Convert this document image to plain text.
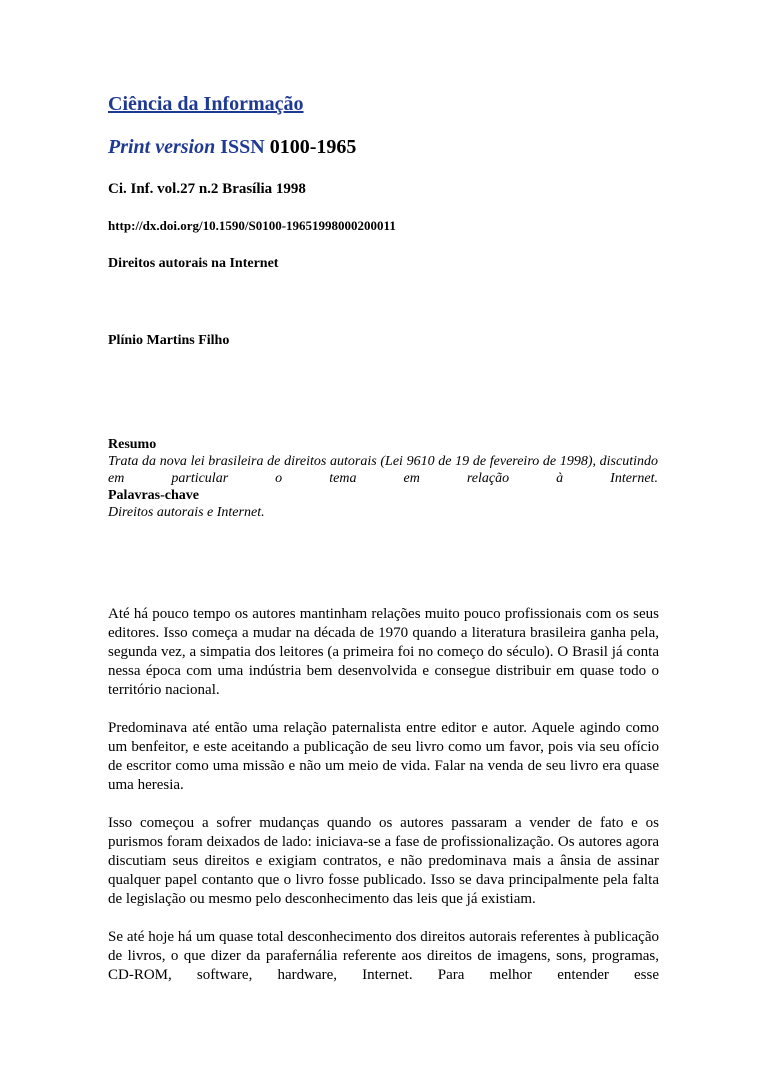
Ciência da Informação
Print version ISSN 0100-1965
Ci. Inf. vol.27 n.2 Brasília 1998
http://dx.doi.org/10.1590/S0100-19651998000200011
Direitos autorais na Internet
Plínio Martins Filho
Resumo
Trata da nova lei brasileira de direitos autorais (Lei 9610 de 19 de fevereiro de 1998), discutindo em particular o tema em relação à Internet.
Palavras-chave
Direitos autorais e Internet.

Até há pouco tempo os autores mantinham relações muito pouco profissionais com os seus editores. Isso começa a mudar na década de 1970 quando a literatura brasileira ganha pela, segunda vez, a simpatia dos leitores (a primeira foi no começo do século). O Brasil já conta nessa época com uma indústria bem desenvolvida e consegue distribuir em quase todo o território nacional.

Predominava até então uma relação paternalista entre editor e autor. Aquele agindo como um benfeitor, e este aceitando a publicação de seu livro como um favor, pois via seu ofício de escritor como uma missão e não um meio de vida. Falar na venda de seu livro era quase uma heresia.

Isso começou a sofrer mudanças quando os autores passaram a vender de fato e os purismos foram deixados de lado: iniciava-se a fase de profissionalização. Os autores agora discutiam seus direitos e exigiam contratos, e não predominava mais a ânsia de assinar qualquer papel contanto que o livro fosse publicado. Isso se dava principalmente pela falta de legislação ou mesmo pelo desconhecimento das leis que já existiam.

Se até hoje há um quase total desconhecimento dos direitos autorais referentes à publicação de livros, o que dizer da parafernália referente aos direitos de imagens, sons, programas, CD-ROM, software, hardware, Internet. Para melhor entender esse
